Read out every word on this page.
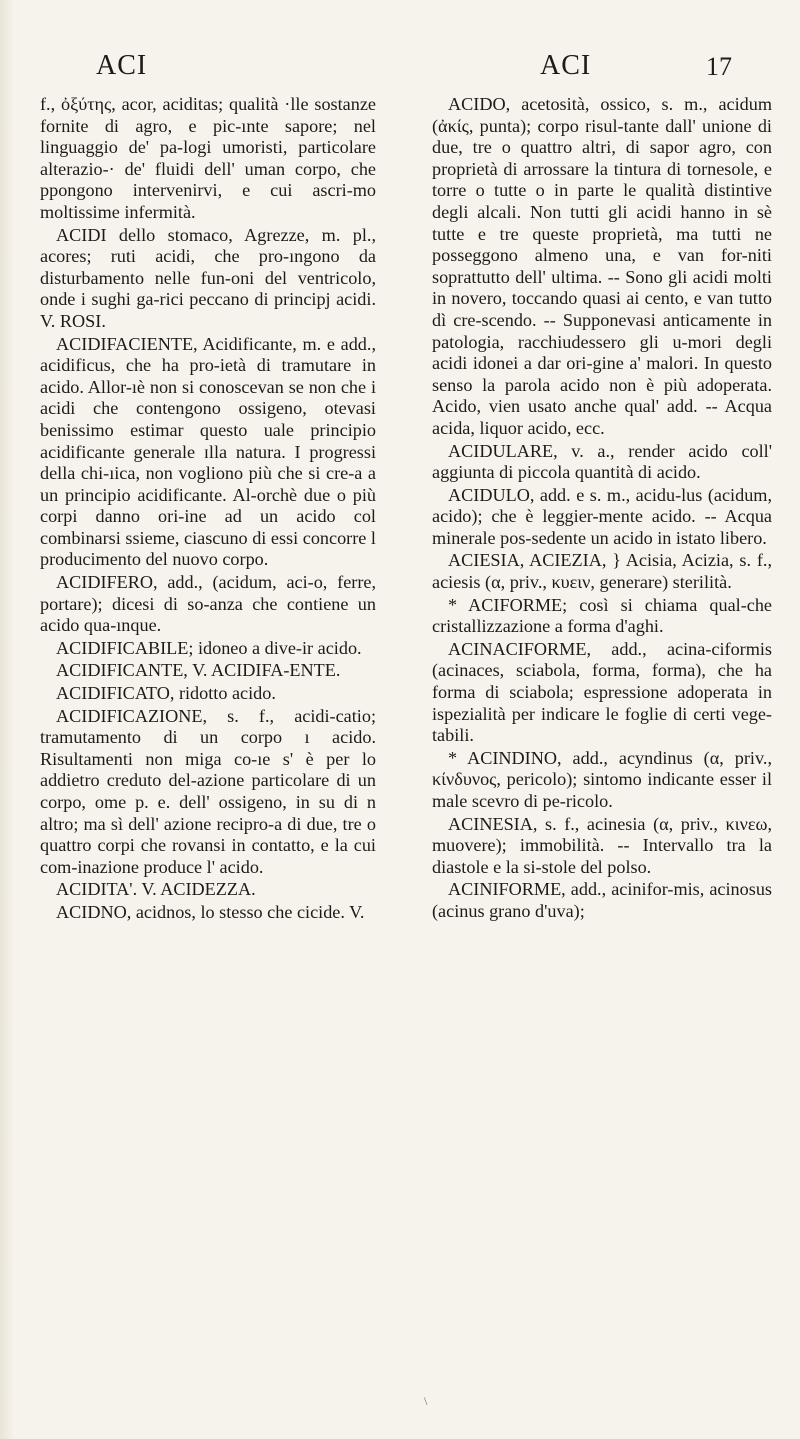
ACI	ACI	17

f., ὀξύτης, acor, aciditas; qualità ·lle sostanze fornite di agro, e pic-ınte sapore; nel linguaggio de' pa-logi umoristi, particolare alterazio-· de' fluidi dell' uman corpo, che ppongono intervenirvi, e cui ascri-mo moltissime infermità.

ACIDI dello stomaco, Agrezze, m. pl., acores; ruti acidi, che pro-ıngono da disturbamento nelle fun-oni del ventricolo, onde i sughi ga-rici peccano di principj acidi. V. ROSI.

ACIDIFACIENTE, Acidificante, m. e add., acidificus, che ha pro-ietà di tramutare in acido. Allor-ıè non si conoscevan se non che i acidi che contengono ossigeno, otevasi benissimo estimar questo uale principio acidificante generale ɪlla natura. I progressi della chi-ıica, non vogliono più che si cre-a a un principio acidificante. Al-orchè due o più corpi danno ori-ine ad un acido col combinarsi ssieme, ciascuno di essi concorre l producimento del nuovo corpo.

ACIDIFERO, add., (acidum, aci-o, ferre, portare); dicesi di so-anza che contiene un acido qua-ınque.

ACIDIFICABILE; idoneo a dive-ir acido.

ACIDIFICANTE, V. ACIDIFA-ENTE.

ACIDIFICATO, ridotto acido.

ACIDIFICAZIONE, s. f., acidi-catio; tramutamento di un corpo ı acido. Risultamenti non miga co-ıe s' è per lo addietro creduto del-azione particolare di un corpo, ome p. e. dell' ossigeno, in su di n altro; ma sì dell' azione recipro-a di due, tre o quattro corpi che rovansi in contatto, e la cui com-inazione produce l' acido.

ACIDITA'. V. ACIDEZZA.

ACIDNO, acidnos, lo stesso che cicide. V.

ACIDO, acetosità, ossico, s. m., acidum (ἀκίς, punta); corpo risul-tante dall' unione di due, tre o quattro altri, di sapor agro, con proprietà di arrossare la tintura di tornesole, e torre o tutte o in parte le qualità distintive degli alcali. Non tutti gli acidi hanno in sè tutte e tre queste proprietà, ma tutti ne posseggono almeno una, e van for-niti soprattutto dell' ultima. -- Sono gli acidi molti in novero, toccando quasi ai cento, e van tutto dì cre-scendo. -- Supponevasi anticamente in patologia, racchiudessero gli u-mori degli acidi idonei a dar ori-gine a' malori. In questo senso la parola acido non è più adoperata. Acido, vien usato anche qual' add. -- Acqua acida, liquor acido, ecc.

ACIDULARE, v. a., render acido coll' aggiunta di piccola quantità di acido.

ACIDULO, add. e s. m., acidu-lus (acidum, acido); che è leggier-mente acido. -- Acqua minerale pos-sedente un acido in istato libero.

ACIESIA, ACIEZIA, } Acisia, Acizia, s. f., aciesis (α, priv., κυειν, generare) sterilità.

* ACIFORME; così si chiama qual-che cristallizzazione a forma d'aghi.

ACINACIFORME, add., acina-ciformis (acinaces, sciabola, forma, forma), che ha forma di sciabola; espressione adoperata in ispezialità per indicare le foglie di certi vege-tabili.

* ACINDINO, add., acyndinus (α, priv., κίνδυνος, pericolo); sintomo indicante esser il male scevro di pe-ricolo.

ACINESIA, s. f., acinesia (α, priv., κινεω, muovere); immobilità. -- Intervallo tra la diastole e la si-stole del polso.

ACINIFORME, add., acinifor-mis, acinosus (acinus grano d'uva);

\
